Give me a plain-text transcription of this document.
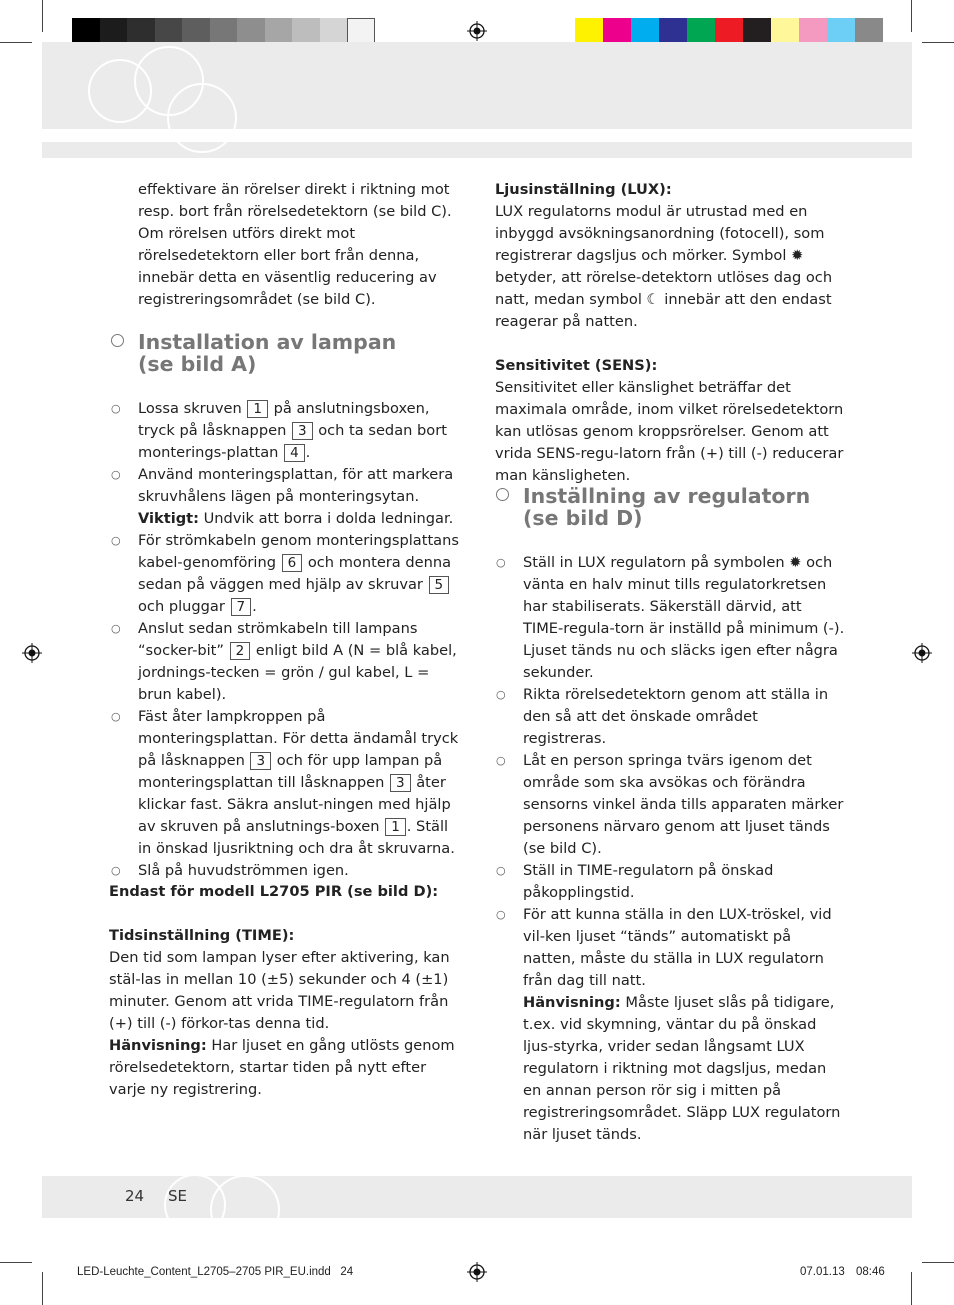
effektivare än rörelser direkt i riktning mot resp. bort från rörelsedetektorn (se bild C). Om rörelsen utförs direkt mot rörelsedetektorn eller bort från denna, innebär detta en väsentlig reducering av registreringsområdet (se bild C).

Installation av lampan
(se bild A)
○ Lossa skruven 1 på anslutningsboxen, tryck på låsknappen 3 och ta sedan bort monterings-plattan 4 .
○ Använd monteringsplattan, för att markera skruvhålens lägen på monteringsytan.
Viktigt: Undvik att borra i dolda ledningar.
○ För strömkabeln genom monteringsplattans kabel-genomföring 6 och montera denna sedan på väggen med hjälp av skruvar 5 och pluggar 7 .
○ Anslut sedan strömkabeln till lampans “socker-bit” 2 enligt bild A (N = blå kabel, jordnings-tecken = grön / gul kabel, L = brun kabel).
○ Fäst åter lampkroppen på monteringsplattan. För detta ändamål tryck på låsknappen 3 och för upp lampan på monteringsplattan till låsknappen 3 åter klickar fast. Säkra anslut-ningen med hjälp av skruven på anslutnings-boxen 1 . Ställ in önskad ljusriktning och dra åt skruvarna.
○ Slå på huvudströmmen igen.

Endast för modell L2705 PIR (se bild D):

Tidsinställning (TIME):

Den tid som lampan lyser efter aktivering, kan stäl-las in mellan 10 (±5) sekunder och 4 (±1) minuter. Genom att vrida TIME-regulatorn från (+) till (-) förkor-tas denna tid.

Hänvisning: Har ljuset en gång utlösts genom rörelsedetektorn, startar tiden på nytt efter varje ny registrering.

Ljusinställning (LUX):

LUX regulatorns modul är utrustad med en inbyggd avsökningsanordning (fotocell), som registrerar dagsljus och mörker. Symbol ✹ betyder, att rörelse-detektorn utlöses dag och natt, medan symbol ☾ innebär att den endast reagerar på natten.

Sensitivitet (SENS):

Sensitivitet eller känslighet beträffar det maximala område, inom vilket rörelsedetektorn kan utlösas genom kroppsrörelser. Genom att vrida SENS-regu-latorn från (+) till (-) reducerar man känsligheten.

Inställning av regulatorn
(se bild D)
○ Ställ in LUX regulatorn på symbolen ✹ och vänta en halv minut tills regulatorkretsen har stabiliserats. Säkerställ därvid, att TIME-regula-torn är inställd på minimum (-). Ljuset tänds nu och släcks igen efter några sekunder.
○ Rikta rörelsedetektorn genom att ställa in den så att det önskade området registreras.
○ Låt en person springa tvärs igenom det område som ska avsökas och förändra sensorns vinkel ända tills apparaten märker personens närvaro genom att ljuset tänds (se bild C).
○ Ställ in TIME-regulatorn på önskad påkopplingstid.
○ För att kunna ställa in den LUX-tröskel, vid vil-ken ljuset “tänds” automatiskt på natten, måste du ställa in LUX regulatorn från dag till natt.
Hänvisning: Måste ljuset slås på tidigare, t.ex. vid skymning, väntar du på önskad ljus-styrka, vrider sedan långsamt LUX regulatorn i riktning mot dagsljus, medan en annan person rör sig i mitten på registreringsområdet. Släpp LUX regulatorn när ljuset tänds.
24 SE
LED-Leuchte_Content_L2705–2705 PIR_EU.indd   24	07.01.13 08:46
